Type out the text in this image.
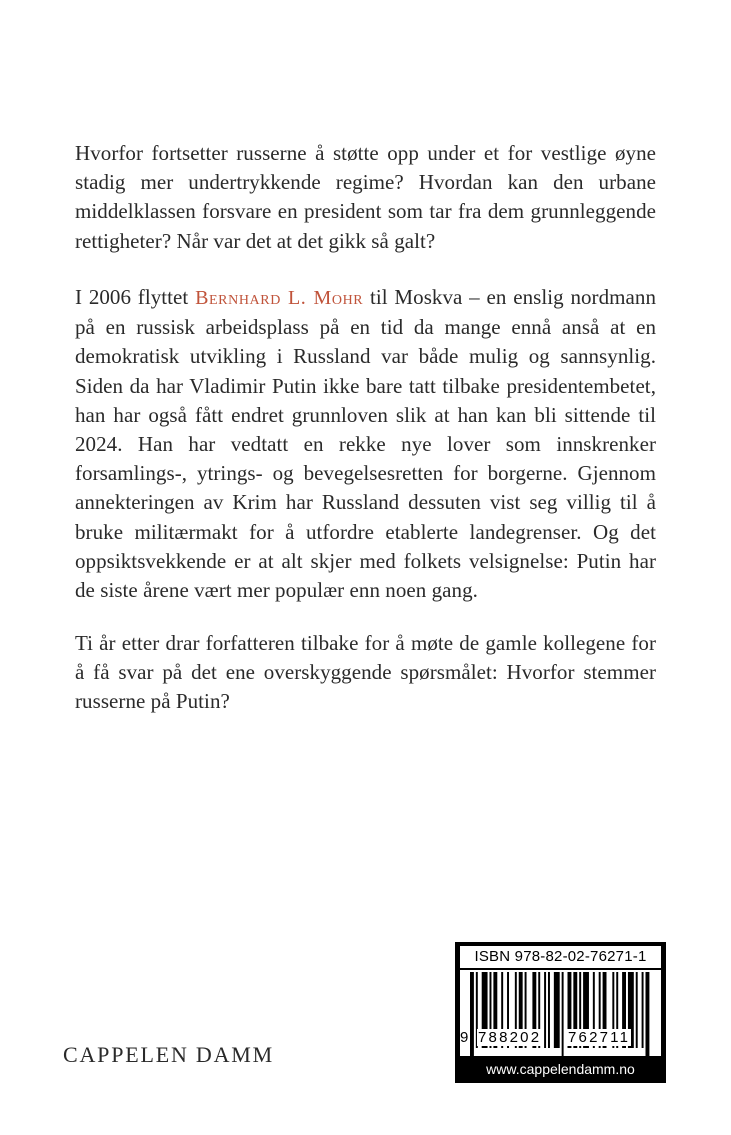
Hvorfor fortsetter russerne å støtte opp under et for vestlige øyne stadig mer undertrykkende regime? Hvordan kan den urbane middelklassen forsvare en president som tar fra dem grunnleggende rettigheter? Når var det at det gikk så galt?

I 2006 flyttet Bernhard L. Mohr til Moskva – en enslig nordmann på en russisk arbeidsplass på en tid da mange ennå anså at en demokratisk utvikling i Russland var både mulig og sannsynlig. Siden da har Vladimir Putin ikke bare tatt tilbake presidentembetet, han har også fått endret grunnloven slik at han kan bli sittende til 2024. Han har vedtatt en rekke nye lover som innskrenker forsamlings-, ytrings- og bevegelsesretten for borgerne. Gjennom annekteringen av Krim har Russland dessuten vist seg villig til å bruke militærmakt for å utfordre etablerte landegrenser. Og det oppsiktsvekkende er at alt skjer med folkets velsignelse: Putin har de siste årene vært mer populær enn noen gang.

Ti år etter drar forfatteren tilbake for å møte de gamle kollegene for å få svar på det ene overskyggende spørsmålet: Hvorfor stemmer russerne på Putin?

CAPPELEN DAMM
ISBN 978-82-02-76271-1
9 788202 762711
www.cappelendamm.no
